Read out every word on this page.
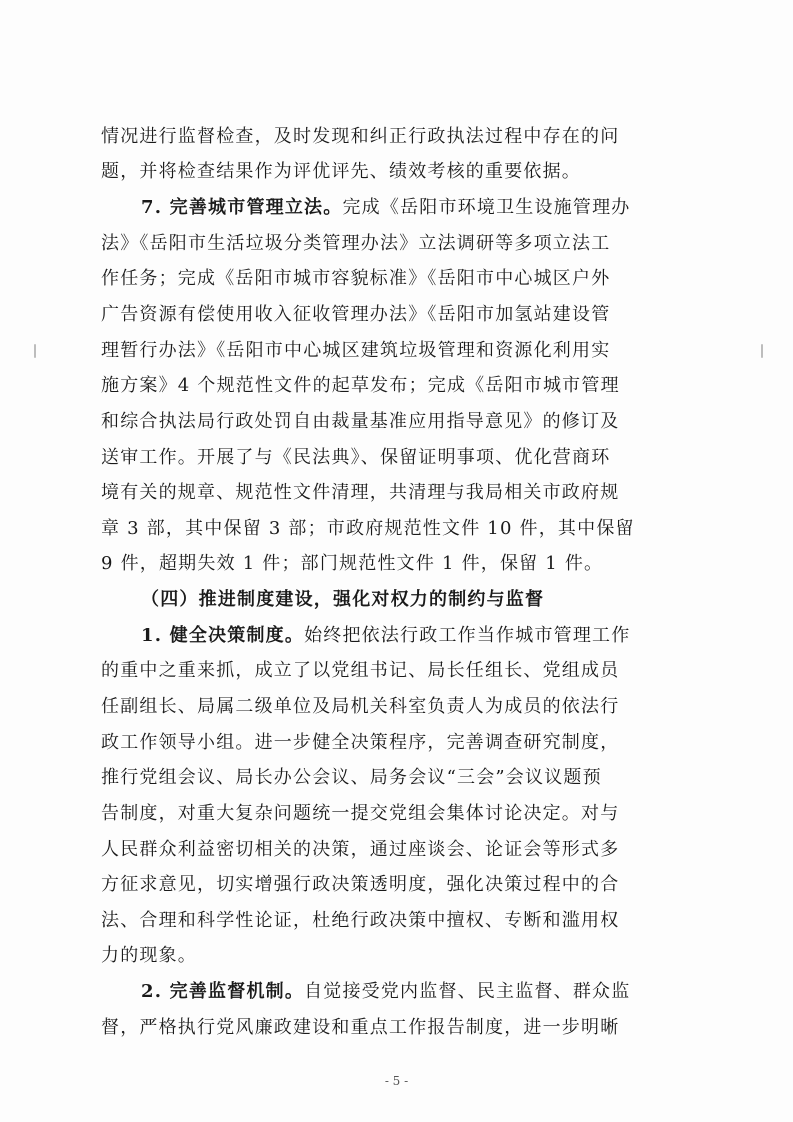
情况进行监督检查，及时发现和纠正行政执法过程中存在的问
题，并将检查结果作为评优评先、绩效考核的重要依据。
7. 完善城市管理立法。完成《岳阳市环境卫生设施管理办
法》《岳阳市生活垃圾分类管理办法》立法调研等多项立法工
作任务；完成《岳阳市城市容貌标准》《岳阳市中心城区户外
广告资源有偿使用收入征收管理办法》《岳阳市加氢站建设管
理暂行办法》《岳阳市中心城区建筑垃圾管理和资源化利用实
施方案》4 个规范性文件的起草发布；完成《岳阳市城市管理
和综合执法局行政处罚自由裁量基准应用指导意见》的修订及
送审工作。开展了与《民法典》、保留证明事项、优化营商环
境有关的规章、规范性文件清理，共清理与我局相关市政府规
章 3 部，其中保留 3 部；市政府规范性文件 10 件，其中保留
9 件，超期失效 1 件；部门规范性文件 1 件，保留 1 件。
（四）推进制度建设，强化对权力的制约与监督
1. 健全决策制度。始终把依法行政工作当作城市管理工作
的重中之重来抓，成立了以党组书记、局长任组长、党组成员
任副组长、局属二级单位及局机关科室负责人为成员的依法行
政工作领导小组。进一步健全决策程序，完善调查研究制度，
推行党组会议、局长办公会议、局务会议“三会”会议议题预
告制度，对重大复杂问题统一提交党组会集体讨论决定。对与
人民群众利益密切相关的决策，通过座谈会、论证会等形式多
方征求意见，切实增强行政决策透明度，强化决策过程中的合
法、合理和科学性论证，杜绝行政决策中擅权、专断和滥用权
力的现象。
2. 完善监督机制。自觉接受党内监督、民主监督、群众监
督，严格执行党风廉政建设和重点工作报告制度，进一步明晰
- 5 -
